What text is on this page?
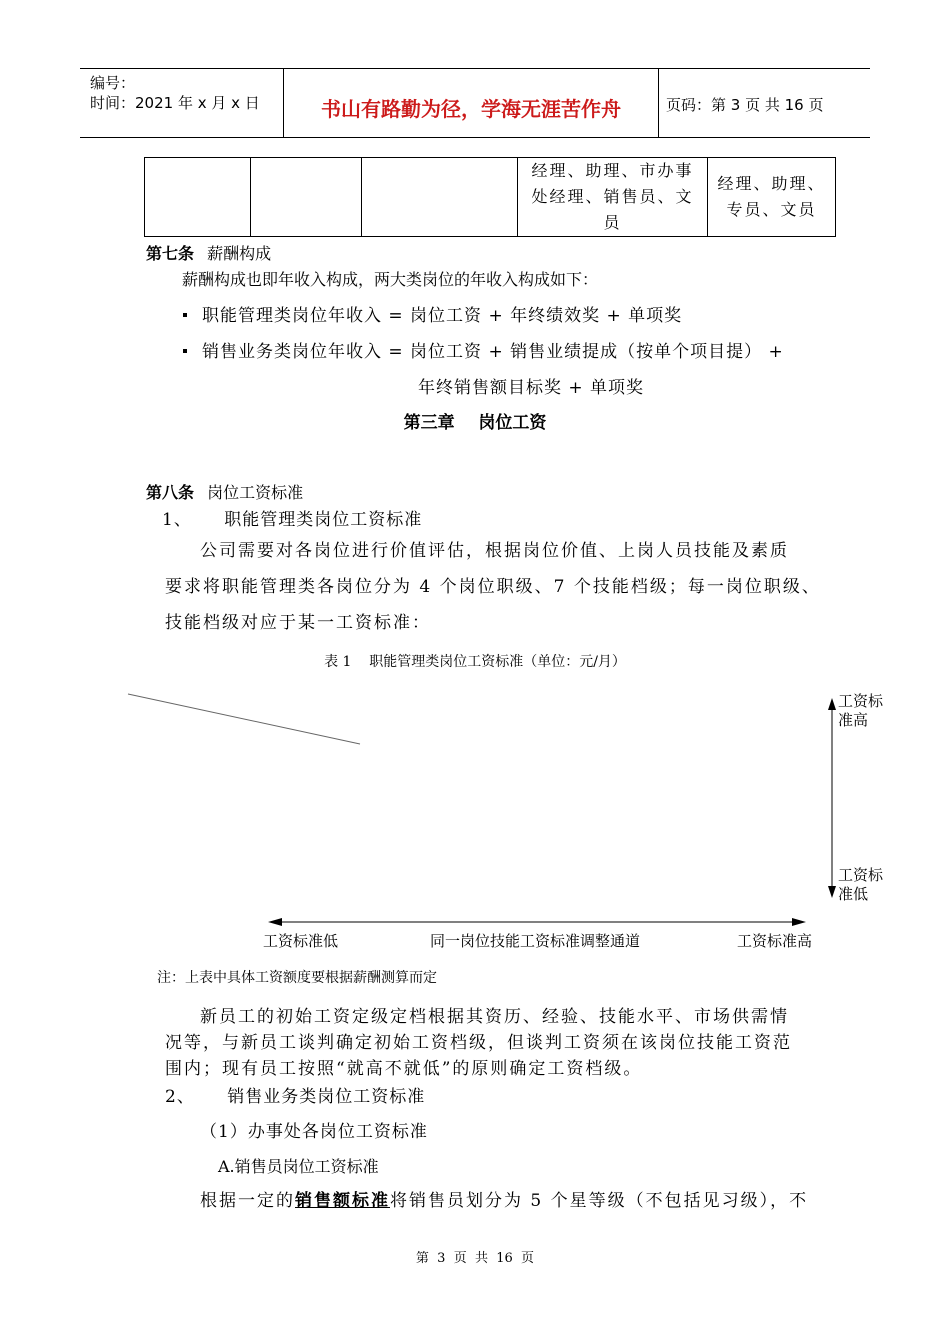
编号：
时间：2021 年 x 月 x 日	书山有路勤为径，学海无涯苦作舟	页码：第 3 页 共 16 页
			经理、助理、市办事处经理、销售员、文员	经理、助理、专员、文员
第七条 薪酬构成
薪酬构成也即年收入构成，两大类岗位的年收入构成如下：
职能管理类岗位年收入 = 岗位工资 + 年终绩效奖 + 单项奖
销售业务类岗位年收入 = 岗位工资 + 销售业绩提成（按单个项目提） +
年终销售额目标奖 + 单项奖
第三章    岗位工资
第八条 岗位工资标准
1、 职能管理类岗位工资标准
公司需要对各岗位进行价值评估，根据岗位价值、上岗人员技能及素质
要求将职能管理类各岗位分为 4 个岗位职级、7 个技能档级；每一岗位职级、
技能档级对应于某一工资标准：
表 1    职能管理类岗位工资标准（单位：元/月）
工资标准高
工资标准低
工资标准低	同一岗位技能工资标准调整通道	工资标准高
注：上表中具体工资额度要根据薪酬测算而定
新员工的初始工资定级定档根据其资历、经验、技能水平、市场供需情
况等，与新员工谈判确定初始工资档级，但谈判工资须在该岗位技能工资范
围内；现有员工按照“就高不就低”的原则确定工资档级。
2、 销售业务类岗位工资标准
（1）办事处各岗位工资标准
A.销售员岗位工资标准
根据一定的销售额标准将销售员划分为 5 个星等级（不包括见习级），不
第  3  页  共  16  页
